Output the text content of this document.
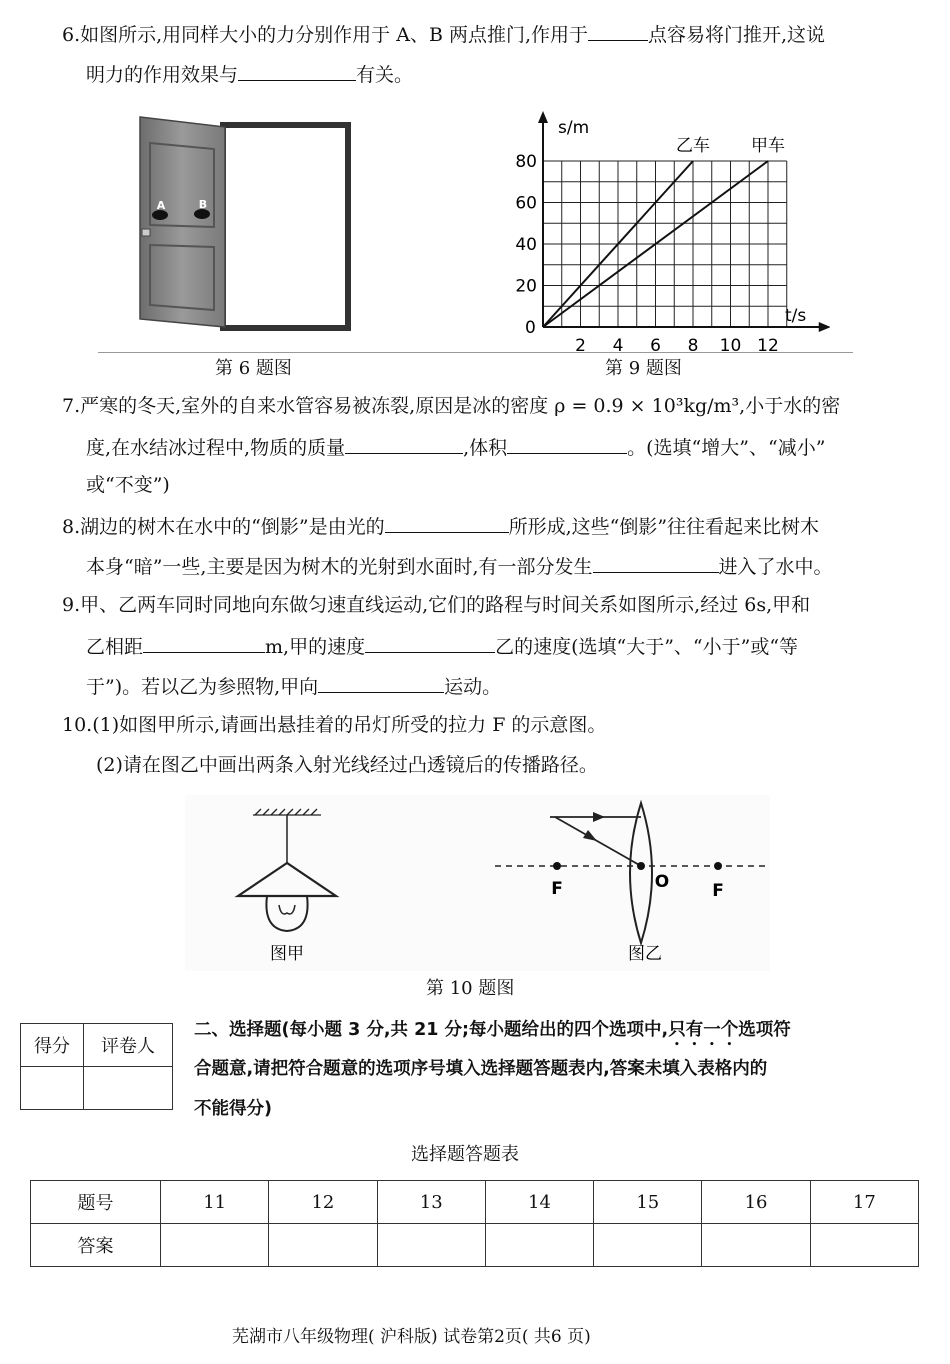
6.如图所示,用同样大小的力分别作用于 A、B 两点推门,作用于	点容易将门推开,这说
明力的作用效果与	有关。
A	B
s/m
t/s
0
2 4 6 8 10 12
20
40
60
80
乙车 甲车
第 6 题图	第 9 题图
7.严寒的冬天,室外的自来水管容易被冻裂,原因是冰的密度 ρ = 0.9 × 10³kg/m³,小于水的密
度,在水结冰过程中,物质的质量	,体积	。(选填“增大”、“减小”
或“不变”)
8.湖边的树木在水中的“倒影”是由光的	所形成,这些“倒影”往往看起来比树木
本身“暗”一些,主要是因为树木的光射到水面时,有一部分发生	进入了水中。
9.甲、乙两车同时同地向东做匀速直线运动,它们的路程与时间关系如图所示,经过 6s,甲和
乙相距	m,甲的速度	乙的速度(选填“大于”、“小于”或“等
于”)。若以乙为参照物,甲向	运动。
10.(1)如图甲所示,请画出悬挂着的吊灯所受的拉力 F 的示意图。
(2)请在图乙中画出两条入射光线经过凸透镜后的传播路径。
图甲
F	O	F
图乙
第 10 题图
得分	评卷人

二、选择题(每小题 3 分,共 21 分;每小题给出的四个选项中,只有一个选项符
合题意,请把符合题意的选项序号填入选择题答题表内,答案未填入表格内的
不能得分)
选择题答题表
题号	11	12	13	14	15	16	17
答案							
芜湖市八年级物理( 沪科版) 试卷第2页( 共6 页)
